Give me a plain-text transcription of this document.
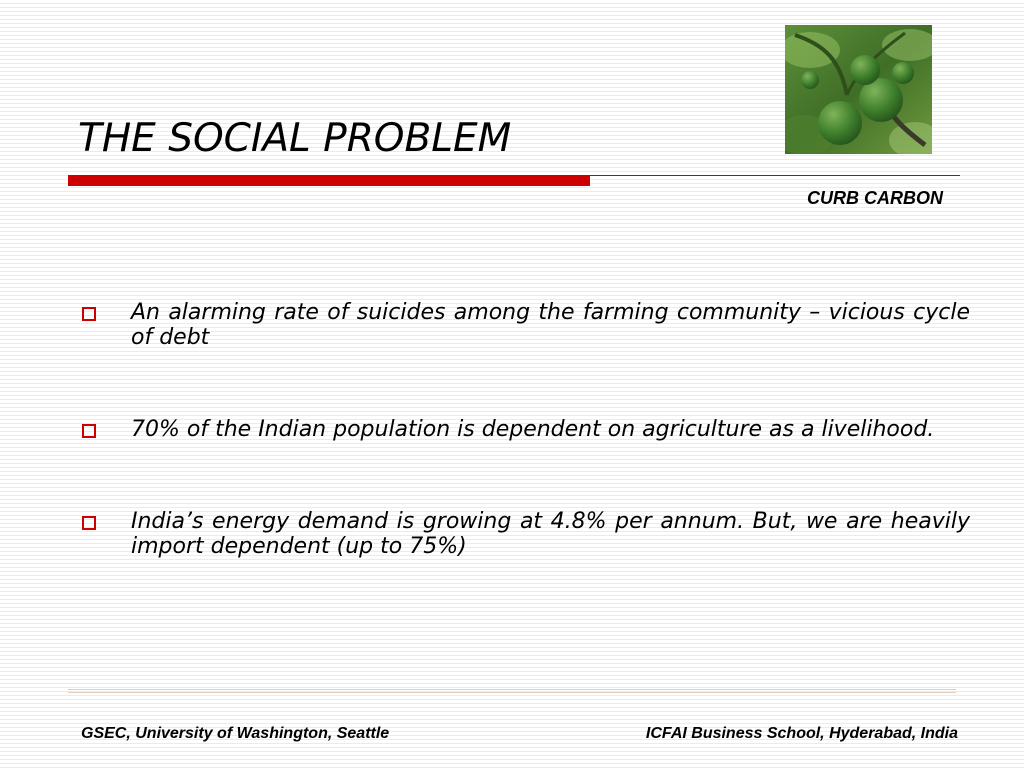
THE SOCIAL PROBLEM
CURB CARBON
An alarming rate of suicides among the farming community – vicious cycle of debt
70% of the Indian population is dependent on agriculture as a livelihood.
India’s energy demand is growing at 4.8% per annum. But, we are heavily import dependent (up to 75%)
GSEC, University of Washington, Seattle	ICFAI Business School, Hyderabad, India
